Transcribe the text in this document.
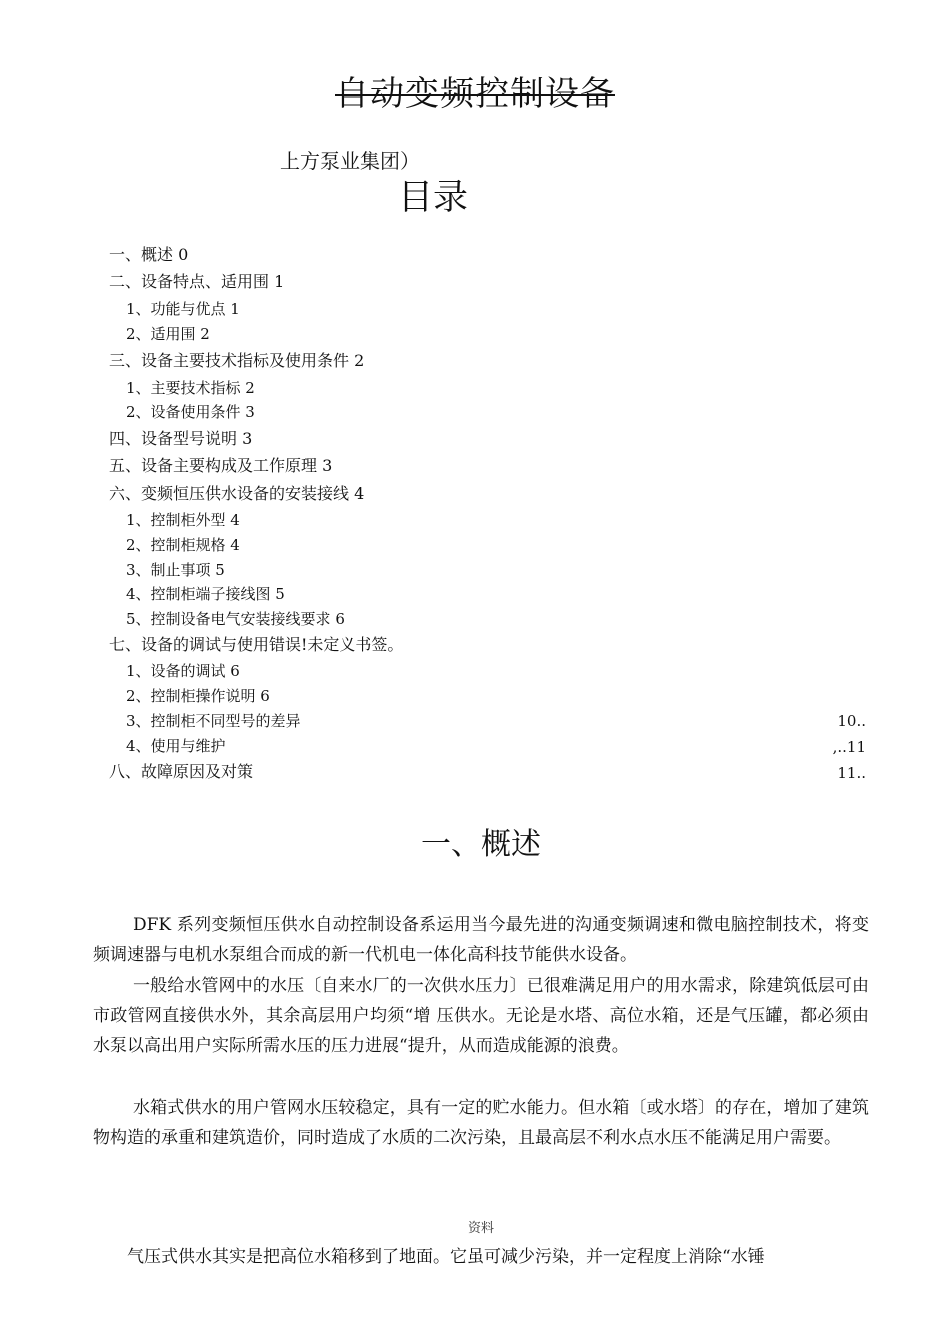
自动变频控制设备
上方泵业集团）
目录
一、概述 0
二、设备特点、适用围 1
1、功能与优点 1
2、适用围 2
三、设备主要技术指标及使用条件 2
1、主要技术指标 2
2、设备使用条件 3
四、设备型号说明 3
五、设备主要构成及工作原理 3
六、变频恒压供水设备的安装接线 4
1、控制柜外型 4
2、控制柜规格 4
3、制止事项 5
4、控制柜端子接线图 5
5、控制设备电气安装接线要求 6
七、设备的调试与使用错误!未定义书签。
1、设备的调试 6
2、控制柜操作说明 6
3、控制柜不同型号的差异	10..
4、使用与维护	,..11
八、故障原因及对策	11..
一、概述

DFK 系列变频恒压供水自动控制设备系运用当今最先进的沟通变频调速和微电脑控制技术，将变频调速器与电机水泵组合而成的新一代机电一体化高科技节能供水设备。

一般给水管网中的水压〔自来水厂的一次供水压力〕已很难满足用户的用水需求，除建筑低层可由市政管网直接供水外，其余高层用户均须“增 压供水。无论是水塔、高位水箱，还是气压罐，都必须由水泵以高出用户实际所需水压的压力进展“提升，从而造成能源的浪费。

水箱式供水的用户管网水压较稳定，具有一定的贮水能力。但水箱〔或水塔〕的存在，增加了建筑物构造的承重和建筑造价，同时造成了水质的二次污染，且最高层不利水点水压不能满足用户需要。

资料

气压式供水其实是把高位水箱移到了地面。它虽可减少污染，并一定程度上消除“水锤
